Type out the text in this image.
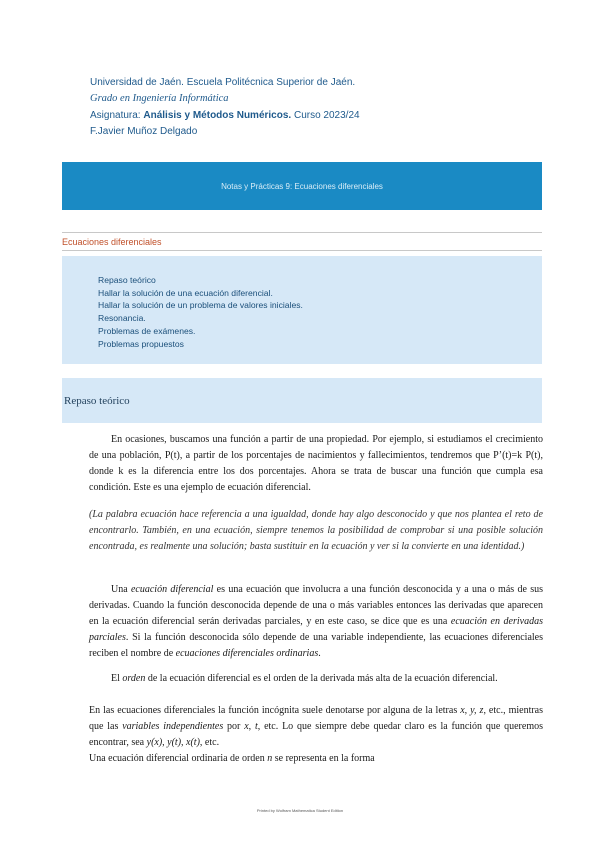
Universidad de Jaén. Escuela Politécnica Superior de Jaén.
Grado en Ingeniería Informática
Asignatura: Análisis y Métodos Numéricos. Curso 2023/24
F.Javier Muñoz Delgado
Notas y Prácticas 9: Ecuaciones diferenciales
Ecuaciones diferenciales
Repaso teórico
Hallar la solución de una ecuación diferencial.
Hallar la solución de un problema de valores iniciales.
Resonancia.
Problemas de exámenes.
Problemas propuestos
Repaso teórico

En ocasiones, buscamos una función a partir de una propiedad. Por ejemplo, si estudiamos el crecimiento de una población, P(t), a partir de los porcentajes de nacimientos y fallecimientos, tendremos que P’(t)=k P(t), donde k es la diferencia entre los dos porcentajes. Ahora se trata de buscar una función que cumpla esa condición. Este es una ejemplo de ecuación diferencial.

(La palabra ecuación hace referencia a una igualdad, donde hay algo desconocido y que nos plantea el reto de encontrarlo. También, en una ecuación, siempre tenemos la posibilidad de comprobar si una posible solución encontrada, es realmente una solución; basta sustituir en la ecuación y ver si la convierte en una identidad.)

Una ecuación diferencial es una ecuación que involucra a una función desconocida y a una o más de sus derivadas. Cuando la función desconocida depende de una o más variables entonces las derivadas que aparecen en la ecuación diferencial serán derivadas parciales, y en este caso, se dice que es una ecuación en derivadas parciales. Si la función desconocida sólo depende de una variable independiente, las ecuaciones diferenciales reciben el nombre de ecuaciones diferenciales ordinarias.

El orden de la ecuación diferencial es el orden de la derivada más alta de la ecuación diferencial.

En las ecuaciones diferenciales la función incógnita suele denotarse por alguna de la letras x, y, z, etc., mientras que las variables independientes por x, t, etc. Lo que siempre debe quedar claro es la función que queremos encontrar, sea y(x), y(t), x(t), etc.

Una ecuación diferencial ordinaria de orden n se representa en la forma

Printed by Wolfram Mathematica Student Edition
